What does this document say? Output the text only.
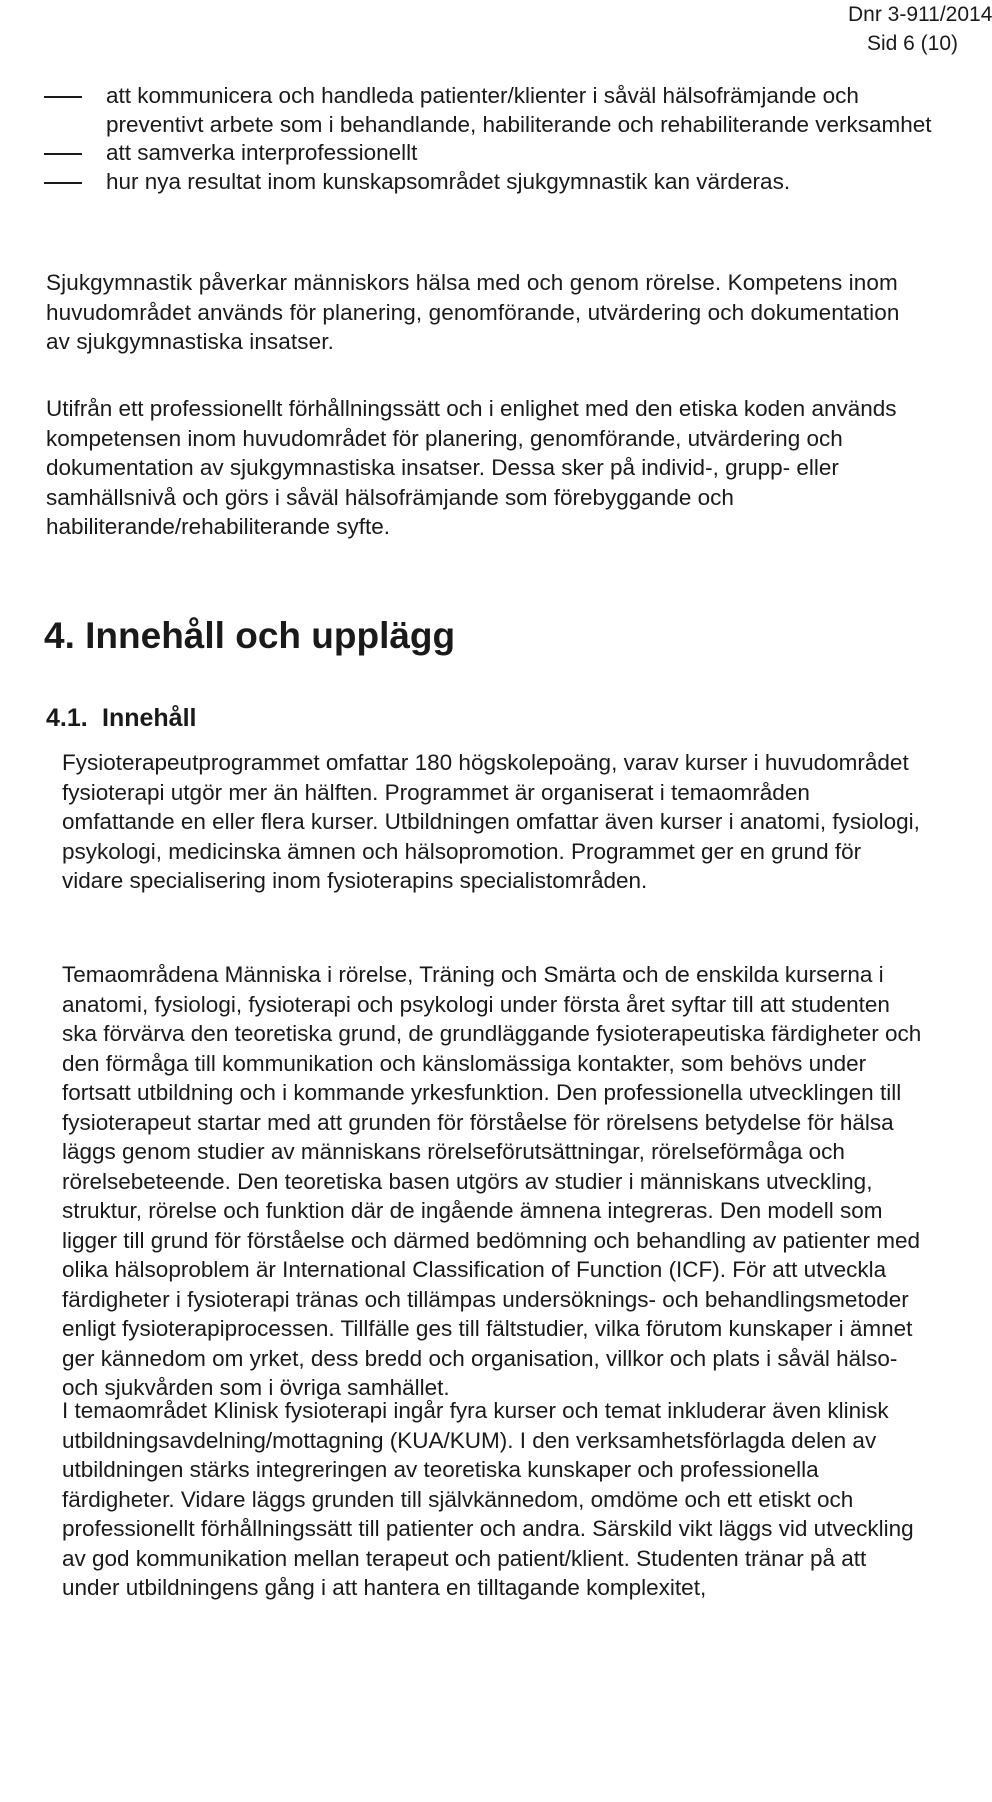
Dnr 3-911/2014
Sid 6 (10)
att kommunicera och handleda patienter/klienter i såväl hälsofrämjande och preventivt arbete som i behandlande, habiliterande och rehabiliterande verksamhet
att samverka interprofessionellt
hur nya resultat inom kunskapsområdet sjukgymnastik kan värderas.

Sjukgymnastik påverkar människors hälsa med och genom rörelse. Kompetens inom huvudområdet används för planering, genomförande, utvärdering och dokumentation av sjukgymnastiska insatser.

Utifrån ett professionellt förhållningssätt och i enlighet med den etiska koden används kompetensen inom huvudområdet för planering, genomförande, utvärdering och dokumentation av sjukgymnastiska insatser. Dessa sker på individ-, grupp- eller samhällsnivå och görs i såväl hälsofrämjande som förebyggande och habiliterande/rehabiliterande syfte.

4. Innehåll och upplägg
4.1. Innehåll

Fysioterapeutprogrammet omfattar 180 högskolepoäng, varav kurser i huvudområdet fysioterapi utgör mer än hälften. Programmet är organiserat i temaområden omfattande en eller flera kurser. Utbildningen omfattar även kurser i anatomi, fysiologi, psykologi, medicinska ämnen och hälsopromotion. Programmet ger en grund för vidare specialisering inom fysioterapins specialistområden.

Temaområdena Människa i rörelse, Träning och Smärta och de enskilda kurserna i anatomi, fysiologi, fysioterapi och psykologi under första året syftar till att studenten ska förvärva den teoretiska grund, de grundläggande fysioterapeutiska färdigheter och den förmåga till kommunikation och känslomässiga kontakter, som behövs under fortsatt utbildning och i kommande yrkesfunktion. Den professionella utvecklingen till fysioterapeut startar med att grunden för förståelse för rörelsens betydelse för hälsa läggs genom studier av människans rörelseförutsättningar, rörelseförmåga och rörelsebeteende. Den teoretiska basen utgörs av studier i människans utveckling, struktur, rörelse och funktion där de ingående ämnena integreras. Den modell som ligger till grund för förståelse och därmed bedömning och behandling av patienter med olika hälsoproblem är International Classification of Function (ICF). För att utveckla färdigheter i fysioterapi tränas och tillämpas undersöknings- och behandlingsmetoder enligt fysioterapiprocessen. Tillfälle ges till fältstudier, vilka förutom kunskaper i ämnet ger kännedom om yrket, dess bredd och organisation, villkor och plats i såväl hälso- och sjukvården som i övriga samhället.

I temaområdet Klinisk fysioterapi ingår fyra kurser och temat inkluderar även klinisk utbildningsavdelning/mottagning (KUA/KUM). I den verksamhetsförlagda delen av utbildningen stärks integreringen av teoretiska kunskaper och professionella färdigheter. Vidare läggs grunden till självkännedom, omdöme och ett etiskt och professionellt förhållningssätt till patienter och andra. Särskild vikt läggs vid utveckling av god kommunikation mellan terapeut och patient/klient. Studenten tränar på att under utbildningens gång i att hantera en tilltagande komplexitet,
